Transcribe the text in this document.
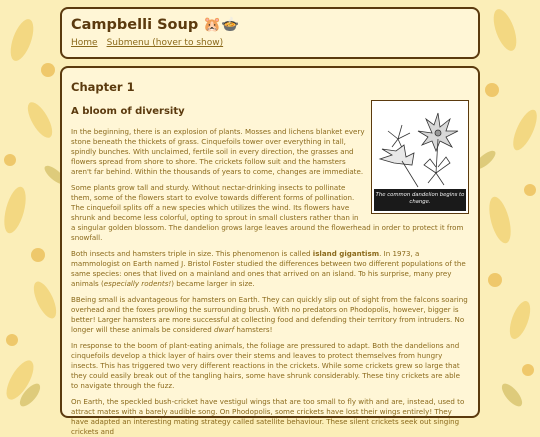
Campbelli Soup 🐹🍲
Home Submenu (hover to show)
Chapter 1
A bloom of diversity
The common dandelion begins to change.

In the beginning, there is an explosion of plants. Mosses and lichens blanket every stone beneath the thickets of grass. Cinquefoils tower over everything in tall, spindly bunches. With unclaimed, fertile soil in every direction, the grasses and flowers spread from shore to shore. The crickets follow suit and the hamsters aren't far behind. Within the thousands of years to come, changes are immediate.

Some plants grow tall and sturdy. Without nectar-drinking insects to pollinate them, some of the flowers start to evolve towards different forms of pollination. The cinquefoil splits off a new species which utilizes the wind. Its flowers have shrunk and become less colorful, opting to sprout in small clusters rather than in a singular golden blossom. The dandelion grows large leaves around the flowerhead in order to protect it from snowfall.

Both insects and hamsters triple in size. This phenomenon is called island gigantism. In 1973, a mammologist on Earth named J. Bristol Foster studied the differences between two different populations of the same species: ones that lived on a mainland and ones that arrived on an island. To his surprise, many prey animals (especially rodents!) became larger in size.

BBeing small is advantageous for hamsters on Earth. They can quickly slip out of sight from the falcons soaring overhead and the foxes prowling the surrounding brush. With no predators on Phodopolis, however, bigger is better! Larger hamsters are more successful at collecting food and defending their territory from intruders. No longer will these animals be considered dwarf hamsters!

In response to the boom of plant-eating animals, the foliage are pressured to adapt. Both the dandelions and cinquefoils develop a thick layer of hairs over their stems and leaves to protect themselves from hungry insects. This has triggered two very different reactions in the crickets. While some crickets grew so large that they could easily break out of the tangling hairs, some have shrunk considerably. These tiny crickets are able to navigate through the fuzz.

On Earth, the speckled bush-cricket have vestigul wings that are too small to fly with and are, instead, used to attract mates with a barely audible song. On Phodopolis, some crickets have lost their wings entirely! They have adapted an interesting mating strategy called satellite behaviour. These silent crickets seek out singing crickets and
